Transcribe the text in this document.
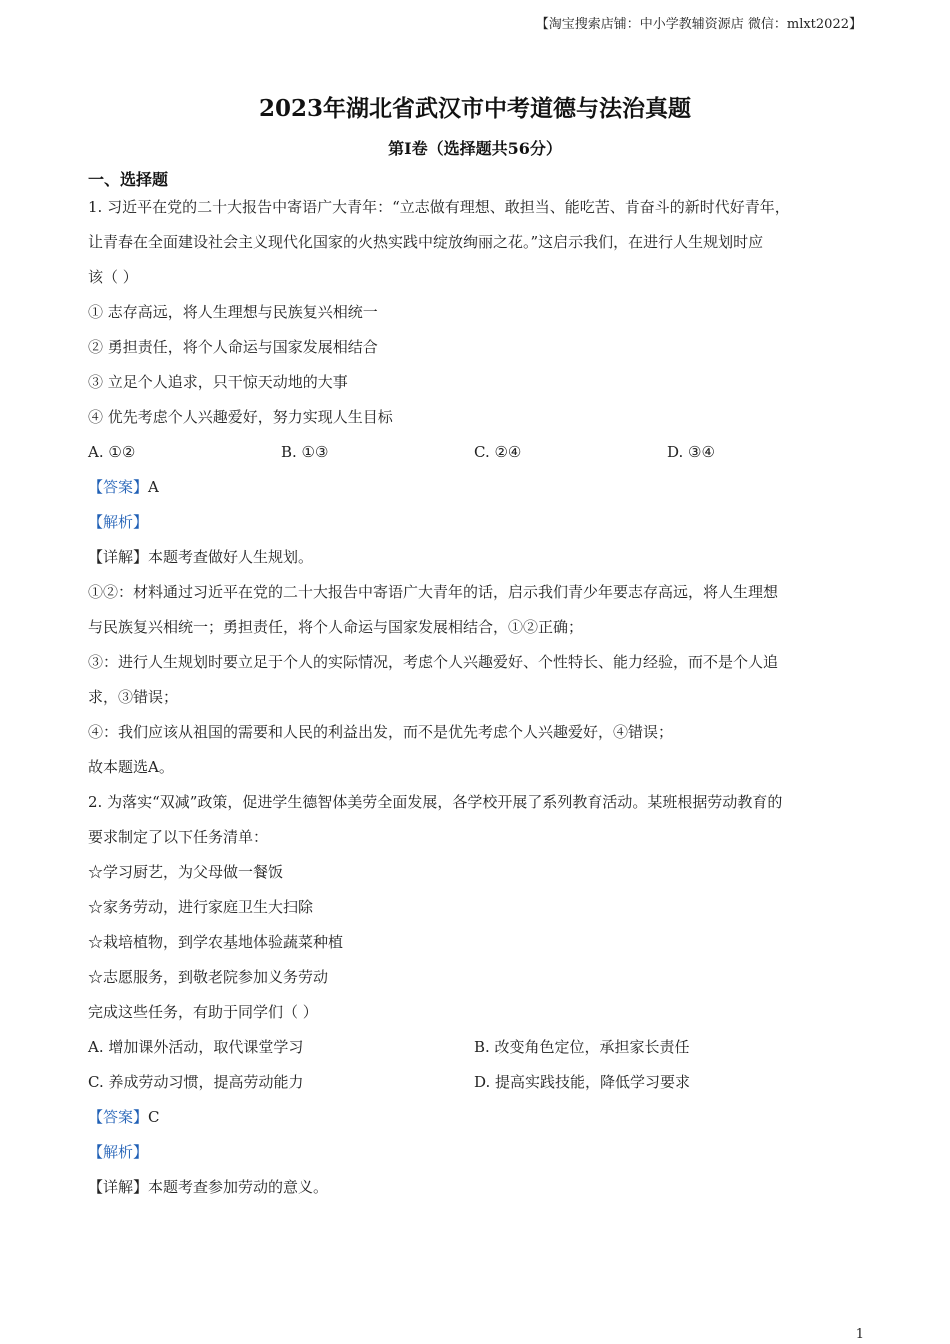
【淘宝搜索店铺：中小学教辅资源店 微信：mlxt2022】
2023年湖北省武汉市中考道德与法治真题
第I卷（选择题共56分）
一、选择题
1. 习近平在党的二十大报告中寄语广大青年：“立志做有理想、敢担当、能吃苦、肯奋斗的新时代好青年，
让青春在全面建设社会主义现代化国家的火热实践中绽放绚丽之花。”这启示我们，在进行人生规划时应
该（ ）
① 志存高远，将人生理想与民族复兴相统一
② 勇担责任，将个人命运与国家发展相结合
③ 立足个人追求，只干惊天动地的大事
④ 优先考虑个人兴趣爱好，努力实现人生目标
A. ①②	B. ①③	C. ②④	D. ③④
【答案】A
【解析】
【详解】本题考查做好人生规划。
①②：材料通过习近平在党的二十大报告中寄语广大青年的话，启示我们青少年要志存高远，将人生理想
与民族复兴相统一；勇担责任，将个人命运与国家发展相结合，①②正确；
③：进行人生规划时要立足于个人的实际情况，考虑个人兴趣爱好、个性特长、能力经验，而不是个人追
求，③错误；
④：我们应该从祖国的需要和人民的利益出发，而不是优先考虑个人兴趣爱好，④错误；
故本题选A。
2. 为落实“双减”政策，促进学生德智体美劳全面发展，各学校开展了系列教育活动。某班根据劳动教育的
要求制定了以下任务清单：
☆学习厨艺，为父母做一餐饭
☆家务劳动，进行家庭卫生大扫除
☆栽培植物，到学农基地体验蔬菜种植
☆志愿服务，到敬老院参加义务劳动
完成这些任务，有助于同学们（ ）
A. 增加课外活动，取代课堂学习	B. 改变角色定位，承担家长责任
C. 养成劳动习惯，提高劳动能力	D. 提高实践技能，降低学习要求
【答案】C
【解析】
【详解】本题考查参加劳动的意义。
1
